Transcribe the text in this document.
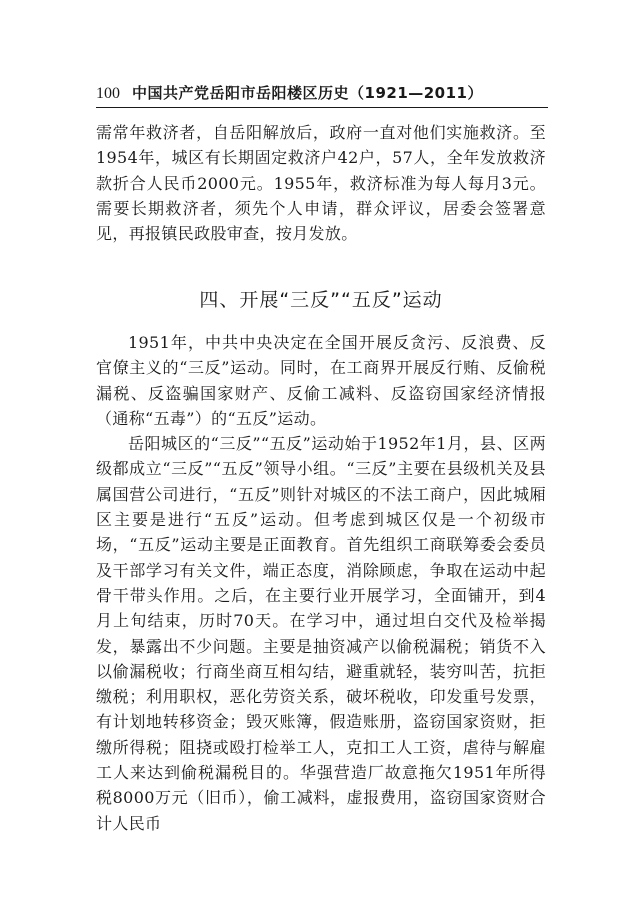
100 中国共产党岳阳市岳阳楼区历史（1921—2011）

需常年救济者，自岳阳解放后，政府一直对他们实施救济。至1954年，城区有长期固定救济户42户，57人，全年发放救济款折合人民币2000元。1955年，救济标准为每人每月3元。需要长期救济者，须先个人申请，群众评议，居委会签署意见，再报镇民政股审查，按月发放。

四、开展“三反”“五反”运动

1951年，中共中央决定在全国开展反贪污、反浪费、反官僚主义的“三反”运动。同时，在工商界开展反行贿、反偷税漏税、反盗骗国家财产、反偷工减料、反盗窃国家经济情报（通称“五毒”）的“五反”运动。

岳阳城区的“三反”“五反”运动始于1952年1月，县、区两级都成立“三反”“五反”领导小组。“三反”主要在县级机关及县属国营公司进行，“五反”则针对城区的不法工商户，因此城厢区主要是进行“五反”运动。但考虑到城区仅是一个初级市场，“五反”运动主要是正面教育。首先组织工商联筹委会委员及干部学习有关文件，端正态度，消除顾虑，争取在运动中起骨干带头作用。之后，在主要行业开展学习，全面铺开，到4月上旬结束，历时70天。在学习中，通过坦白交代及检举揭发，暴露出不少问题。主要是抽资减产以偷税漏税；销货不入以偷漏税收；行商坐商互相勾结，避重就轻，装穷叫苦，抗拒缴税；利用职权，恶化劳资关系，破坏税收，印发重号发票，有计划地转移资金；毁灭账簿，假造账册，盗窃国家资财，拒缴所得税；阻挠或殴打检举工人，克扣工人工资，虐待与解雇工人来达到偷税漏税目的。华强营造厂故意拖欠1951年所得税8000万元（旧币），偷工减料，虚报费用，盗窃国家资财合计人民币
